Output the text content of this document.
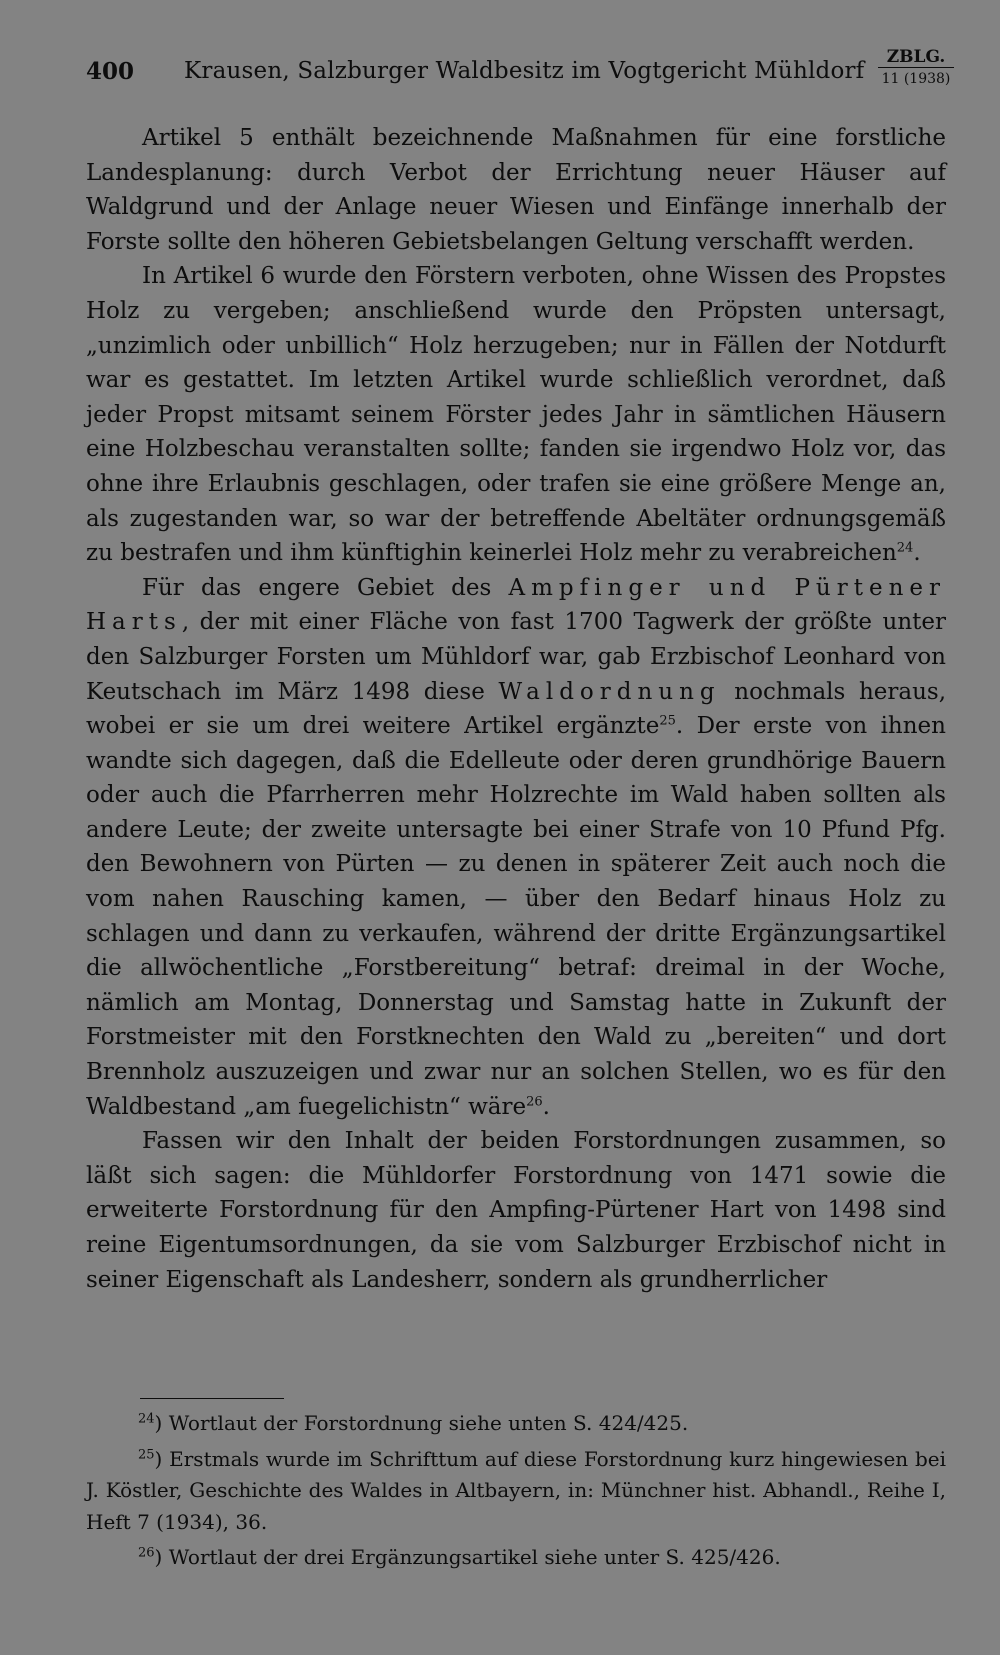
400 Krausen, Salzburger Waldbesitz im Vogtgericht Mühldorf
ZBLG.
11 (1938)

Artikel 5 enthält bezeichnende Maßnahmen für eine forstliche Landesplanung: durch Verbot der Errichtung neuer Häuser auf Waldgrund und der Anlage neuer Wiesen und Einfänge innerhalb der Forste sollte den höheren Gebietsbelangen Geltung verschafft werden.

In Artikel 6 wurde den Förstern verboten, ohne Wissen des Propstes Holz zu vergeben; anschließend wurde den Pröpsten untersagt, „unzimlich oder unbillich“ Holz herzugeben; nur in Fällen der Notdurft war es gestattet. Im letzten Artikel wurde schließlich verordnet, daß jeder Propst mitsamt seinem Förster jedes Jahr in sämtlichen Häusern eine Holzbeschau veranstalten sollte; fanden sie irgendwo Holz vor, das ohne ihre Erlaubnis geschlagen, oder trafen sie eine größere Menge an, als zugestanden war, so war der betreffende Abeltäter ordnungsgemäß zu bestrafen und ihm künftighin keinerlei Holz mehr zu verabreichen$^{24}$.

Für das engere Gebiet des Ampfinger und Pürtener Harts, der mit einer Fläche von fast 1700 Tagwerk der größte unter den Salzburger Forsten um Mühldorf war, gab Erzbischof Leonhard von Keutschach im März 1498 diese Waldordnung nochmals heraus, wobei er sie um drei weitere Artikel ergänzte$^{25}$. Der erste von ihnen wandte sich dagegen, daß die Edelleute oder deren grundhörige Bauern oder auch die Pfarrherren mehr Holzrechte im Wald haben sollten als andere Leute; der zweite untersagte bei einer Strafe von 10 Pfund Pfg. den Bewohnern von Pürten — zu denen in späterer Zeit auch noch die vom nahen Rausching kamen, — über den Bedarf hinaus Holz zu schlagen und dann zu verkaufen, während der dritte Ergänzungsartikel die allwöchentliche „Forstbereitung“ betraf: dreimal in der Woche, nämlich am Montag, Donnerstag und Samstag hatte in Zukunft der Forstmeister mit den Forstknechten den Wald zu „bereiten“ und dort Brennholz auszuzeigen und zwar nur an solchen Stellen, wo es für den Waldbestand „am fuegelichistn“ wäre$^{26}$.

Fassen wir den Inhalt der beiden Forstordnungen zusammen, so läßt sich sagen: die Mühldorfer Forstordnung von 1471 sowie die erweiterte Forstordnung für den Ampfing-Pürtener Hart von 1498 sind reine Eigentumsordnungen, da sie vom Salzburger Erzbischof nicht in seiner Eigenschaft als Landesherr, sondern als grundherrlicher

$^{24}$) Wortlaut der Forstordnung siehe unten S. 424/425.

$^{25}$) Erstmals wurde im Schrifttum auf diese Forstordnung kurz hingewiesen bei J. Köstler, Geschichte des Waldes in Altbayern, in: Münchner hist. Abhandl., Reihe I, Heft 7 (1934), 36.

$^{26}$) Wortlaut der drei Ergänzungsartikel siehe unter S. 425/426.
